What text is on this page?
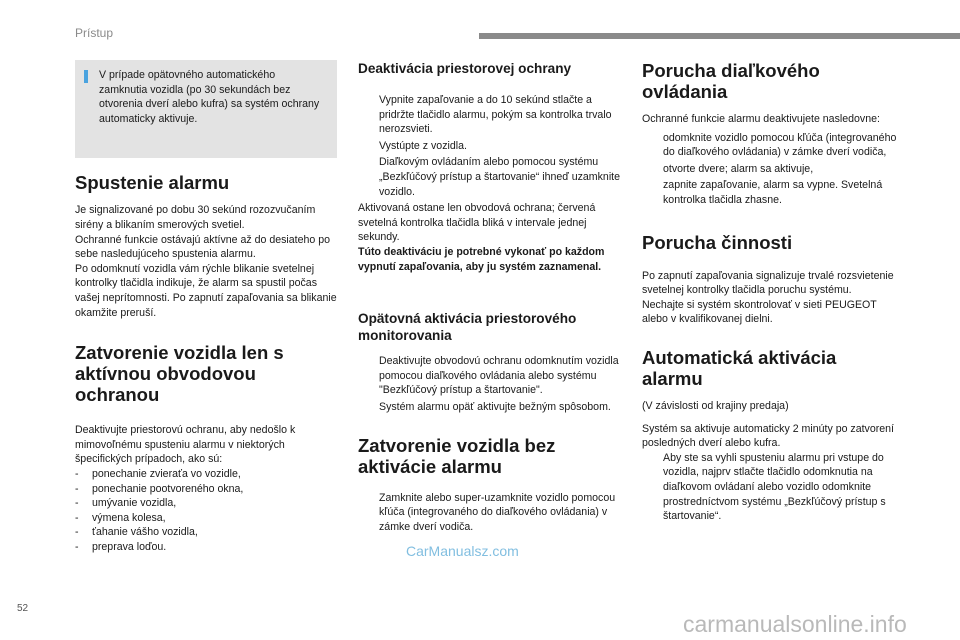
Prístup

V prípade opätovného automatického zamknutia vozidla (po 30 sekundách bez otvorenia dverí alebo kufra) sa systém ochrany automaticky aktivuje.

Spustenie alarmu

Je signalizované po dobu 30 sekúnd rozozvučaním sirény a blikaním smerových svetiel.

Ochranné funkcie ostávajú aktívne až do desiateho po sebe nasledujúceho spustenia alarmu.

Po odomknutí vozidla vám rýchle blikanie svetelnej kontrolky tlačidla indikuje, že alarm sa spustil počas vašej neprítomnosti. Po zapnutí zapaľovania sa blikanie okamžite preruší.

Zatvorenie vozidla len s aktívnou obvodovou ochranou

Deaktivujte priestorovú ochranu, aby nedošlo k mimovoľnému spusteniu alarmu v niektorých špecifických prípadoch, ako sú:

- ponechanie zvieraťa vo vozidle,
- ponechanie pootvoreného okna,
- umývanie vozidla,
- výmena kolesa,
- ťahanie vášho vozidla,
- preprava loďou.
Deaktivácia priestorovej ochrany
Vypnite zapaľovanie a do 10 sekúnd stlačte a pridržte tlačidlo alarmu, pokým sa kontrolka trvalo nerozsvieti.
Vystúpte z vozidla.
Diaľkovým ovládaním alebo pomocou systému „Bezkľúčový prístup a štartovanie“ ihneď uzamknite vozidlo.

Aktivovaná ostane len obvodová ochrana; červená svetelná kontrolka tlačidla bliká v intervale jednej sekundy.

Túto deaktiváciu je potrebné vykonať po každom vypnutí zapaľovania, aby ju systém zaznamenal.

Opätovná aktivácia priestorového monitorovania
Deaktivujte obvodovú ochranu odomknutím vozidla pomocou diaľkového ovládania alebo systému "Bezkľúčový prístup a štartovanie".
Systém alarmu opäť aktivujte bežným spôsobom.
Zatvorenie vozidla bez aktivácie alarmu
Zamknite alebo super-uzamknite vozidlo pomocou kľúča (integrovaného do diaľkového ovládania) v zámke dverí vodiča.
Porucha diaľkového ovládania

Ochranné funkcie alarmu deaktivujete nasledovne:

odomknite vozidlo pomocou kľúča (integrovaného do diaľkového ovládania) v zámke dverí vodiča,
otvorte dvere; alarm sa aktivuje,
zapnite zapaľovanie, alarm sa vypne. Svetelná kontrolka tlačidla zhasne.
Porucha činnosti

Po zapnutí zapaľovania signalizuje trvalé rozsvietenie svetelnej kontrolky tlačidla poruchu systému.

Nechajte si systém skontrolovať v sieti PEUGEOT alebo v kvalifikovanej dielni.

Automatická aktivácia alarmu

(V závislosti od krajiny predaja)

Systém sa aktivuje automaticky 2 minúty po zatvorení posledných dverí alebo kufra.

Aby ste sa vyhli spusteniu alarmu pri vstupe do vozidla, najprv stlačte tlačidlo odomknutia na diaľkovom ovládaní alebo vozidlo odomknite prostredníctvom systému „Bezkľúčový prístup s štartovanie“.
52
CarManualsz.com
carmanualsonline.info
